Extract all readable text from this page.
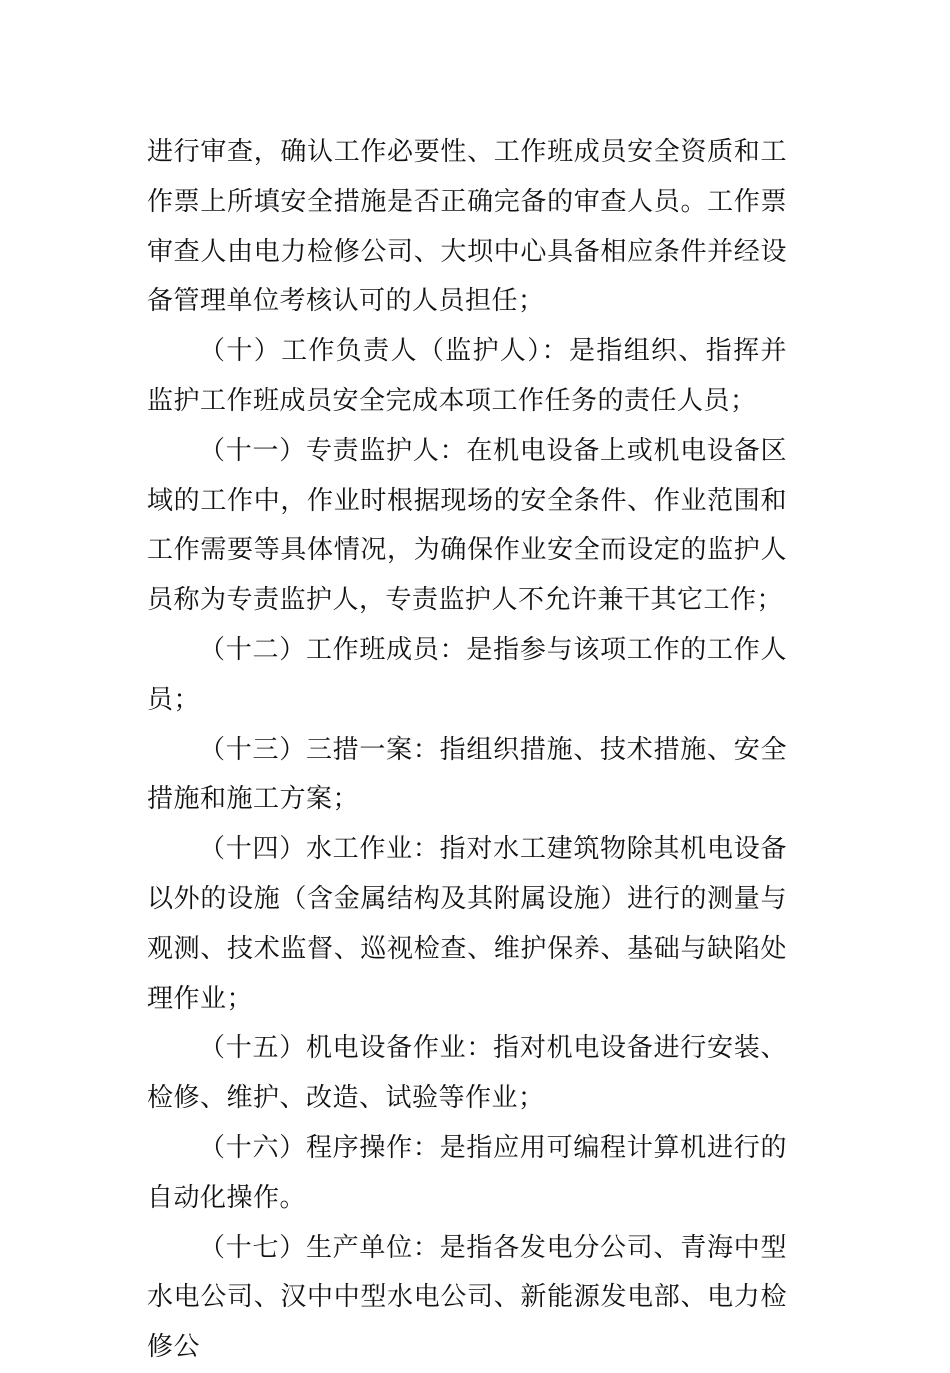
进行审查，确认工作必要性、工作班成员安全资质和工作票上所填安全措施是否正确完备的审查人员。工作票审查人由电力检修公司、大坝中心具备相应条件并经设备管理单位考核认可的人员担任；

（十）工作负责人（监护人）：是指组织、指挥并监护工作班成员安全完成本项工作任务的责任人员；

（十一）专责监护人：在机电设备上或机电设备区域的工作中，作业时根据现场的安全条件、作业范围和工作需要等具体情况，为确保作业安全而设定的监护人员称为专责监护人，专责监护人不允许兼干其它工作；

（十二）工作班成员：是指参与该项工作的工作人员；

（十三）三措一案：指组织措施、技术措施、安全措施和施工方案；

（十四）水工作业：指对水工建筑物除其机电设备以外的设施（含金属结构及其附属设施）进行的测量与观测、技术监督、巡视检查、维护保养、基础与缺陷处理作业；

（十五）机电设备作业：指对机电设备进行安装、检修、维护、改造、试验等作业；

（十六）程序操作：是指应用可编程计算机进行的自动化操作。

（十七）生产单位：是指各发电分公司、青海中型水电公司、汉中中型水电公司、新能源发电部、电力检修公
